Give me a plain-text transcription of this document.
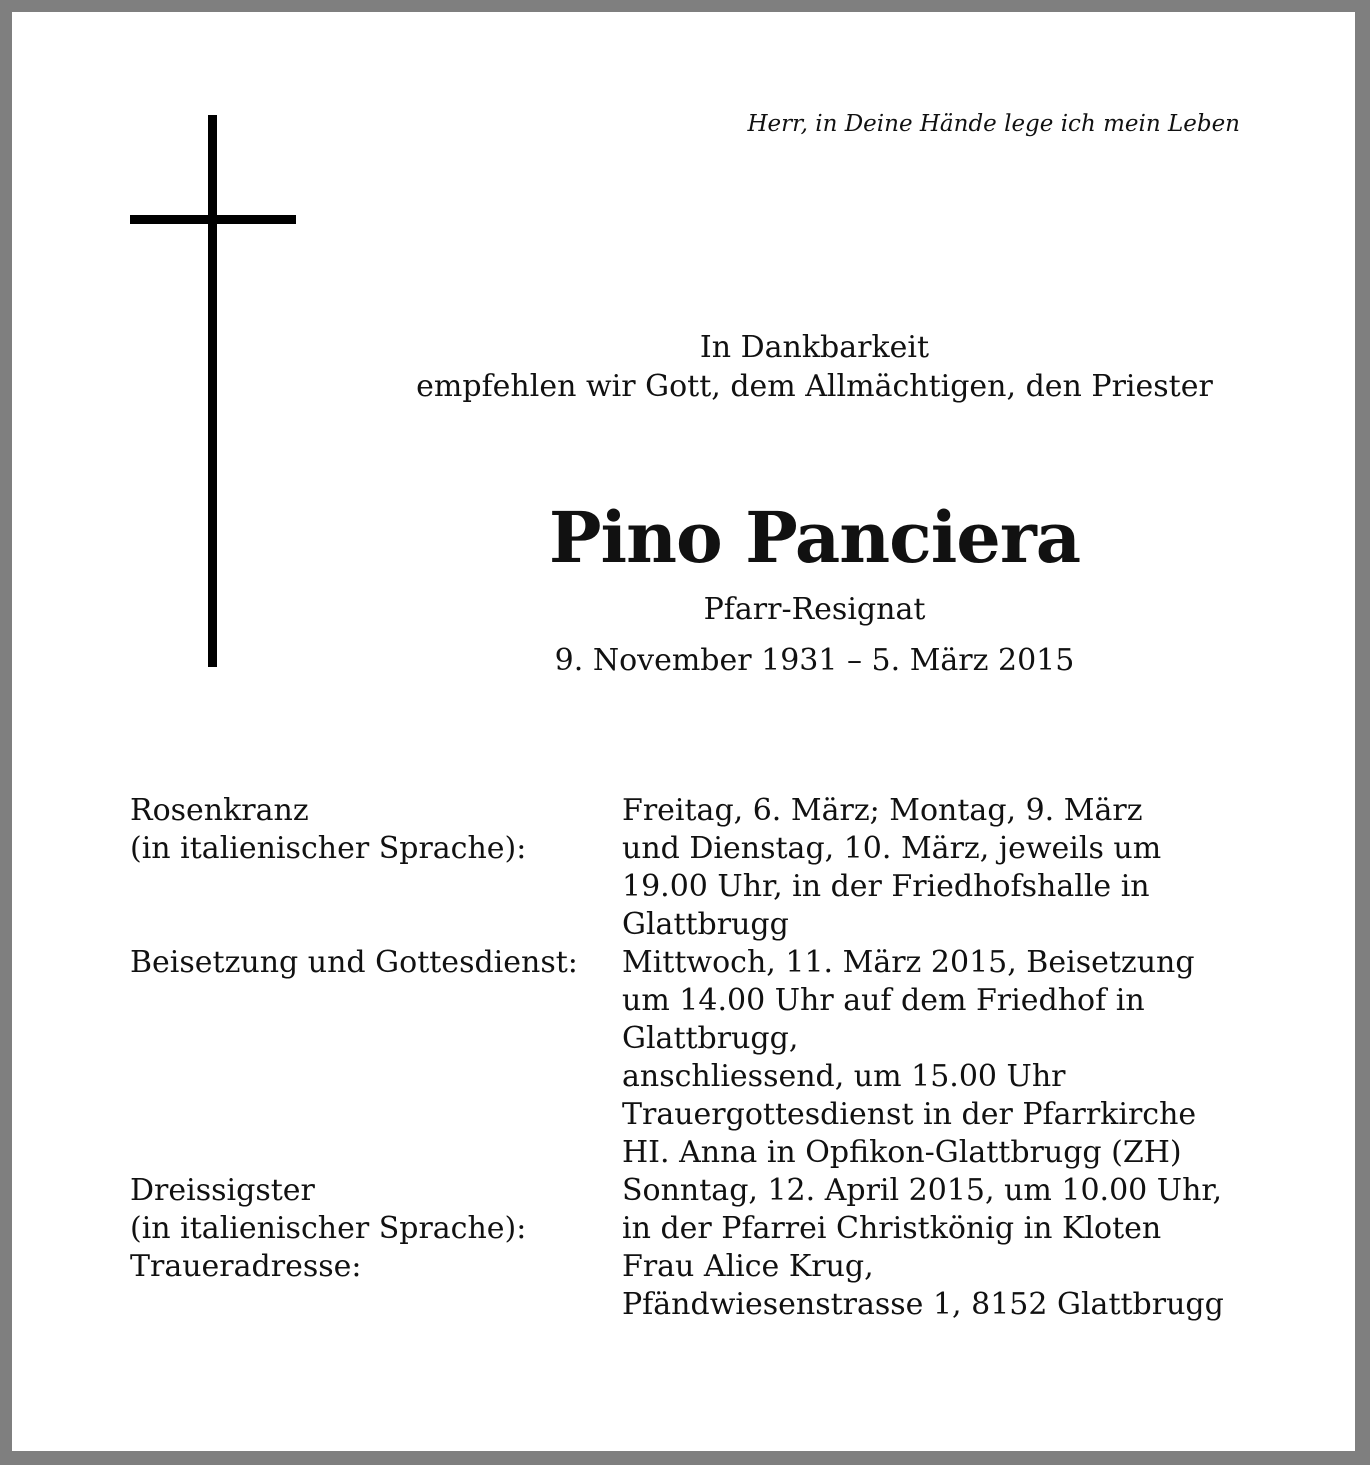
Herr, in Deine Hände lege ich mein Leben
In Dankbarkeit
empfehlen wir Gott, dem Allmächtigen, den Priester
Pino Panciera
Pfarr-Resignat
9. November 1931 – 5. März 2015
Rosenkranz
(in italienischer Sprache):
Freitag, 6. März; Montag, 9. März
und Dienstag, 10. März, jeweils um
19.00 Uhr, in der Friedhofshalle in
Glattbrugg
Beisetzung und Gottesdienst:	Mittwoch, 11. März 2015, Beisetzung
um 14.00 Uhr auf dem Friedhof in
Glattbrugg,
anschliessend, um 15.00 Uhr
Trauergottesdienst in der Pfarrkirche
HI. Anna in Opfikon-Glattbrugg (ZH)
Dreissigster
(in italienischer Sprache):
Sonntag, 12. April 2015, um 10.00 Uhr,
in der Pfarrei Christkönig in Kloten
Traueradresse:	Frau Alice Krug,
Pfändwiesenstrasse 1, 8152 Glattbrugg
